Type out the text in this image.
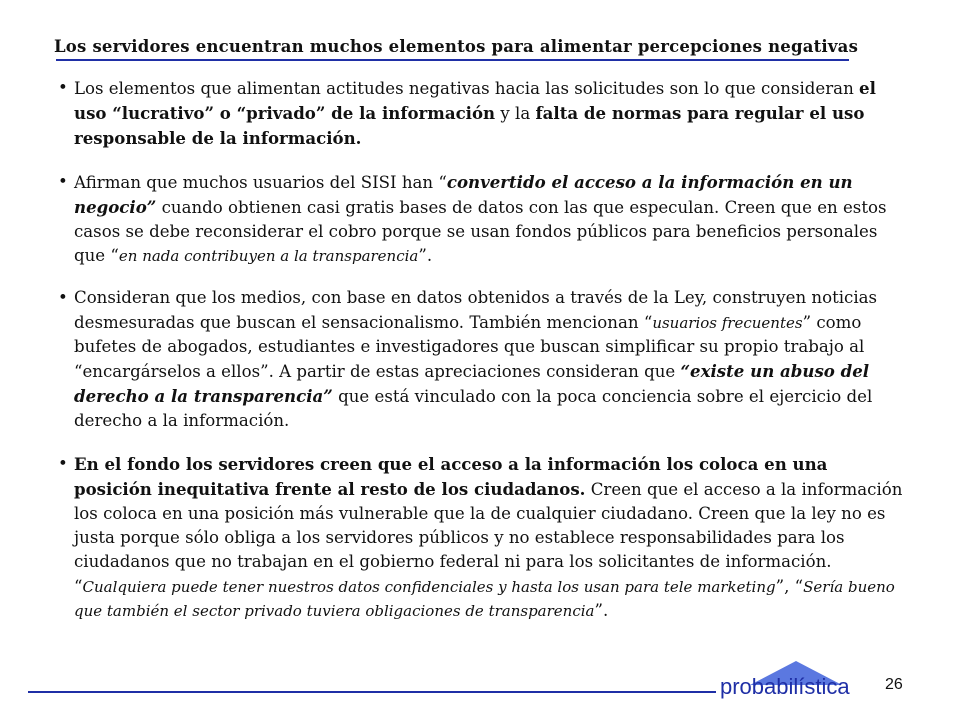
Los servidores encuentran muchos elementos para alimentar percepciones negativas
• Los elementos que alimentan actitudes negativas hacia las solicitudes son lo que consideran el uso “lucrativo” o “privado” de la información y la falta de normas para regular el uso responsable de la información.
• Afirman que muchos usuarios del SISI han “convertido el acceso a la información en un negocio” cuando obtienen casi gratis bases de datos con las que especulan. Creen que en estos casos se debe reconsiderar el cobro porque se usan fondos públicos para beneficios personales que “en nada contribuyen a la transparencia”.
• Consideran que los medios, con base en datos obtenidos a través de la Ley, construyen noticias desmesuradas que buscan el sensacionalismo. También mencionan “usuarios frecuentes” como bufetes de abogados, estudiantes e investigadores que buscan simplificar su propio trabajo al “encargárselos a ellos”. A partir de estas apreciaciones consideran que “existe un abuso del derecho a la transparencia” que está vinculado con la poca conciencia sobre el ejercicio del derecho a la información.
• En el fondo los servidores creen que el acceso a la información los coloca en una posición inequitativa frente al resto de los ciudadanos. Creen que el acceso a la información los coloca en una posición más vulnerable que la de cualquier ciudadano. Creen que la ley no es justa porque sólo obliga a los servidores públicos y no establece responsabilidades para los ciudadanos que no trabajan en el gobierno federal ni para los solicitantes de información. “Cualquiera puede tener nuestros datos confidenciales y hasta los usan para tele marketing”, “Sería bueno que también el sector privado tuviera obligaciones de transparencia”.
probabilística 26
